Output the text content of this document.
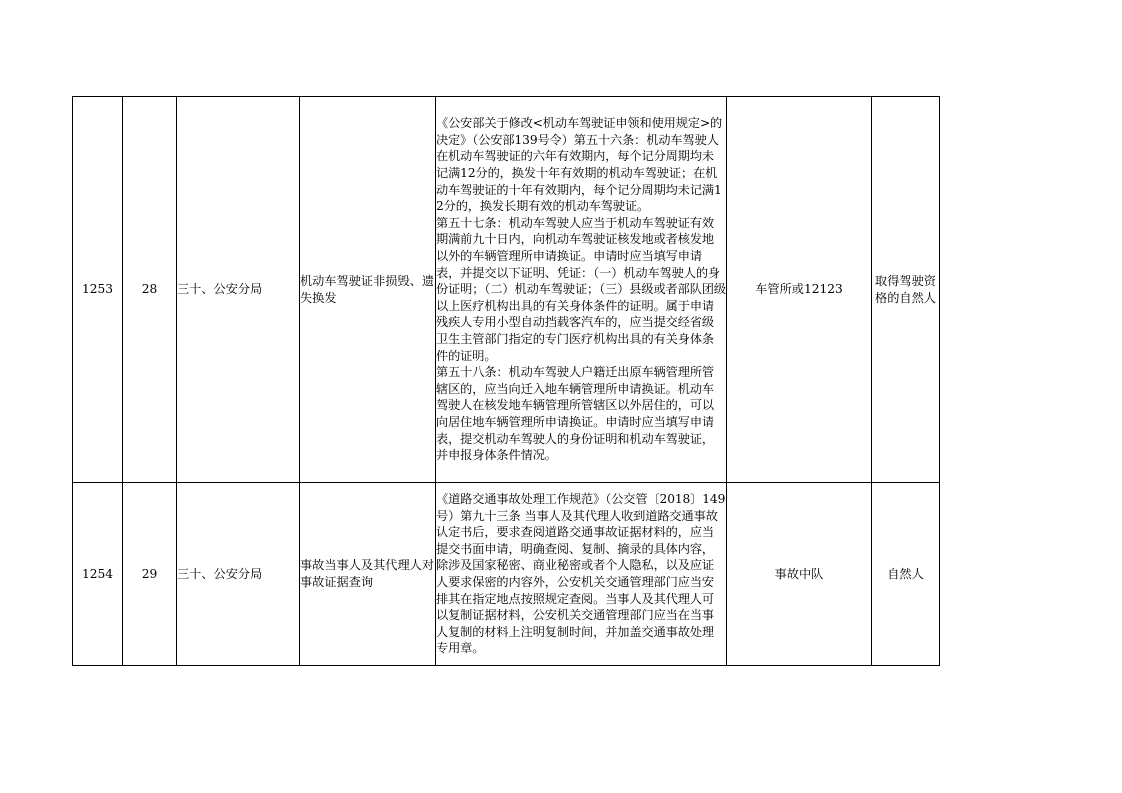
1253	28	三十、公安分局	机动车驾驶证非损毁、遗失换发	《公安部关于修改<机动车驾驶证申领和使用规定>的决定》（公安部139号令）第五十六条：机动车驾驶人在机动车驾驶证的六年有效期内，每个记分周期均未记满12分的，换发十年有效期的机动车驾驶证；在机动车驾驶证的十年有效期内，每个记分周期均未记满12分的，换发长期有效的机动车驾驶证。
第五十七条：机动车驾驶人应当于机动车驾驶证有效期满前九十日内，向机动车驾驶证核发地或者核发地以外的车辆管理所申请换证。申请时应当填写申请表，并提交以下证明、凭证：（一）机动车驾驶人的身份证明；（二）机动车驾驶证；（三）县级或者部队团级以上医疗机构出具的有关身体条件的证明。属于申请残疾人专用小型自动挡载客汽车的，应当提交经省级卫生主管部门指定的专门医疗机构出具的有关身体条件的证明。
第五十八条：机动车驾驶人户籍迁出原车辆管理所管辖区的，应当向迁入地车辆管理所申请换证。机动车驾驶人在核发地车辆管理所管辖区以外居住的，可以向居住地车辆管理所申请换证。申请时应当填写申请表，提交机动车驾驶人的身份证明和机动车驾驶证，并申报身体条件情况。	车管所或12123	取得驾驶资格的自然人
1254	29	三十、公安分局	事故当事人及其代理人对事故证据查询	《道路交通事故处理工作规范》（公交管〔2018〕149号）第九十三条 当事人及其代理人收到道路交通事故认定书后，要求查阅道路交通事故证据材料的，应当提交书面申请，明确查阅、复制、摘录的具体内容，除涉及国家秘密、商业秘密或者个人隐私，以及应证人要求保密的内容外，公安机关交通管理部门应当安排其在指定地点按照规定查阅。当事人及其代理人可以复制证据材料，公安机关交通管理部门应当在当事人复制的材料上注明复制时间，并加盖交通事故处理专用章。	事故中队	自然人
